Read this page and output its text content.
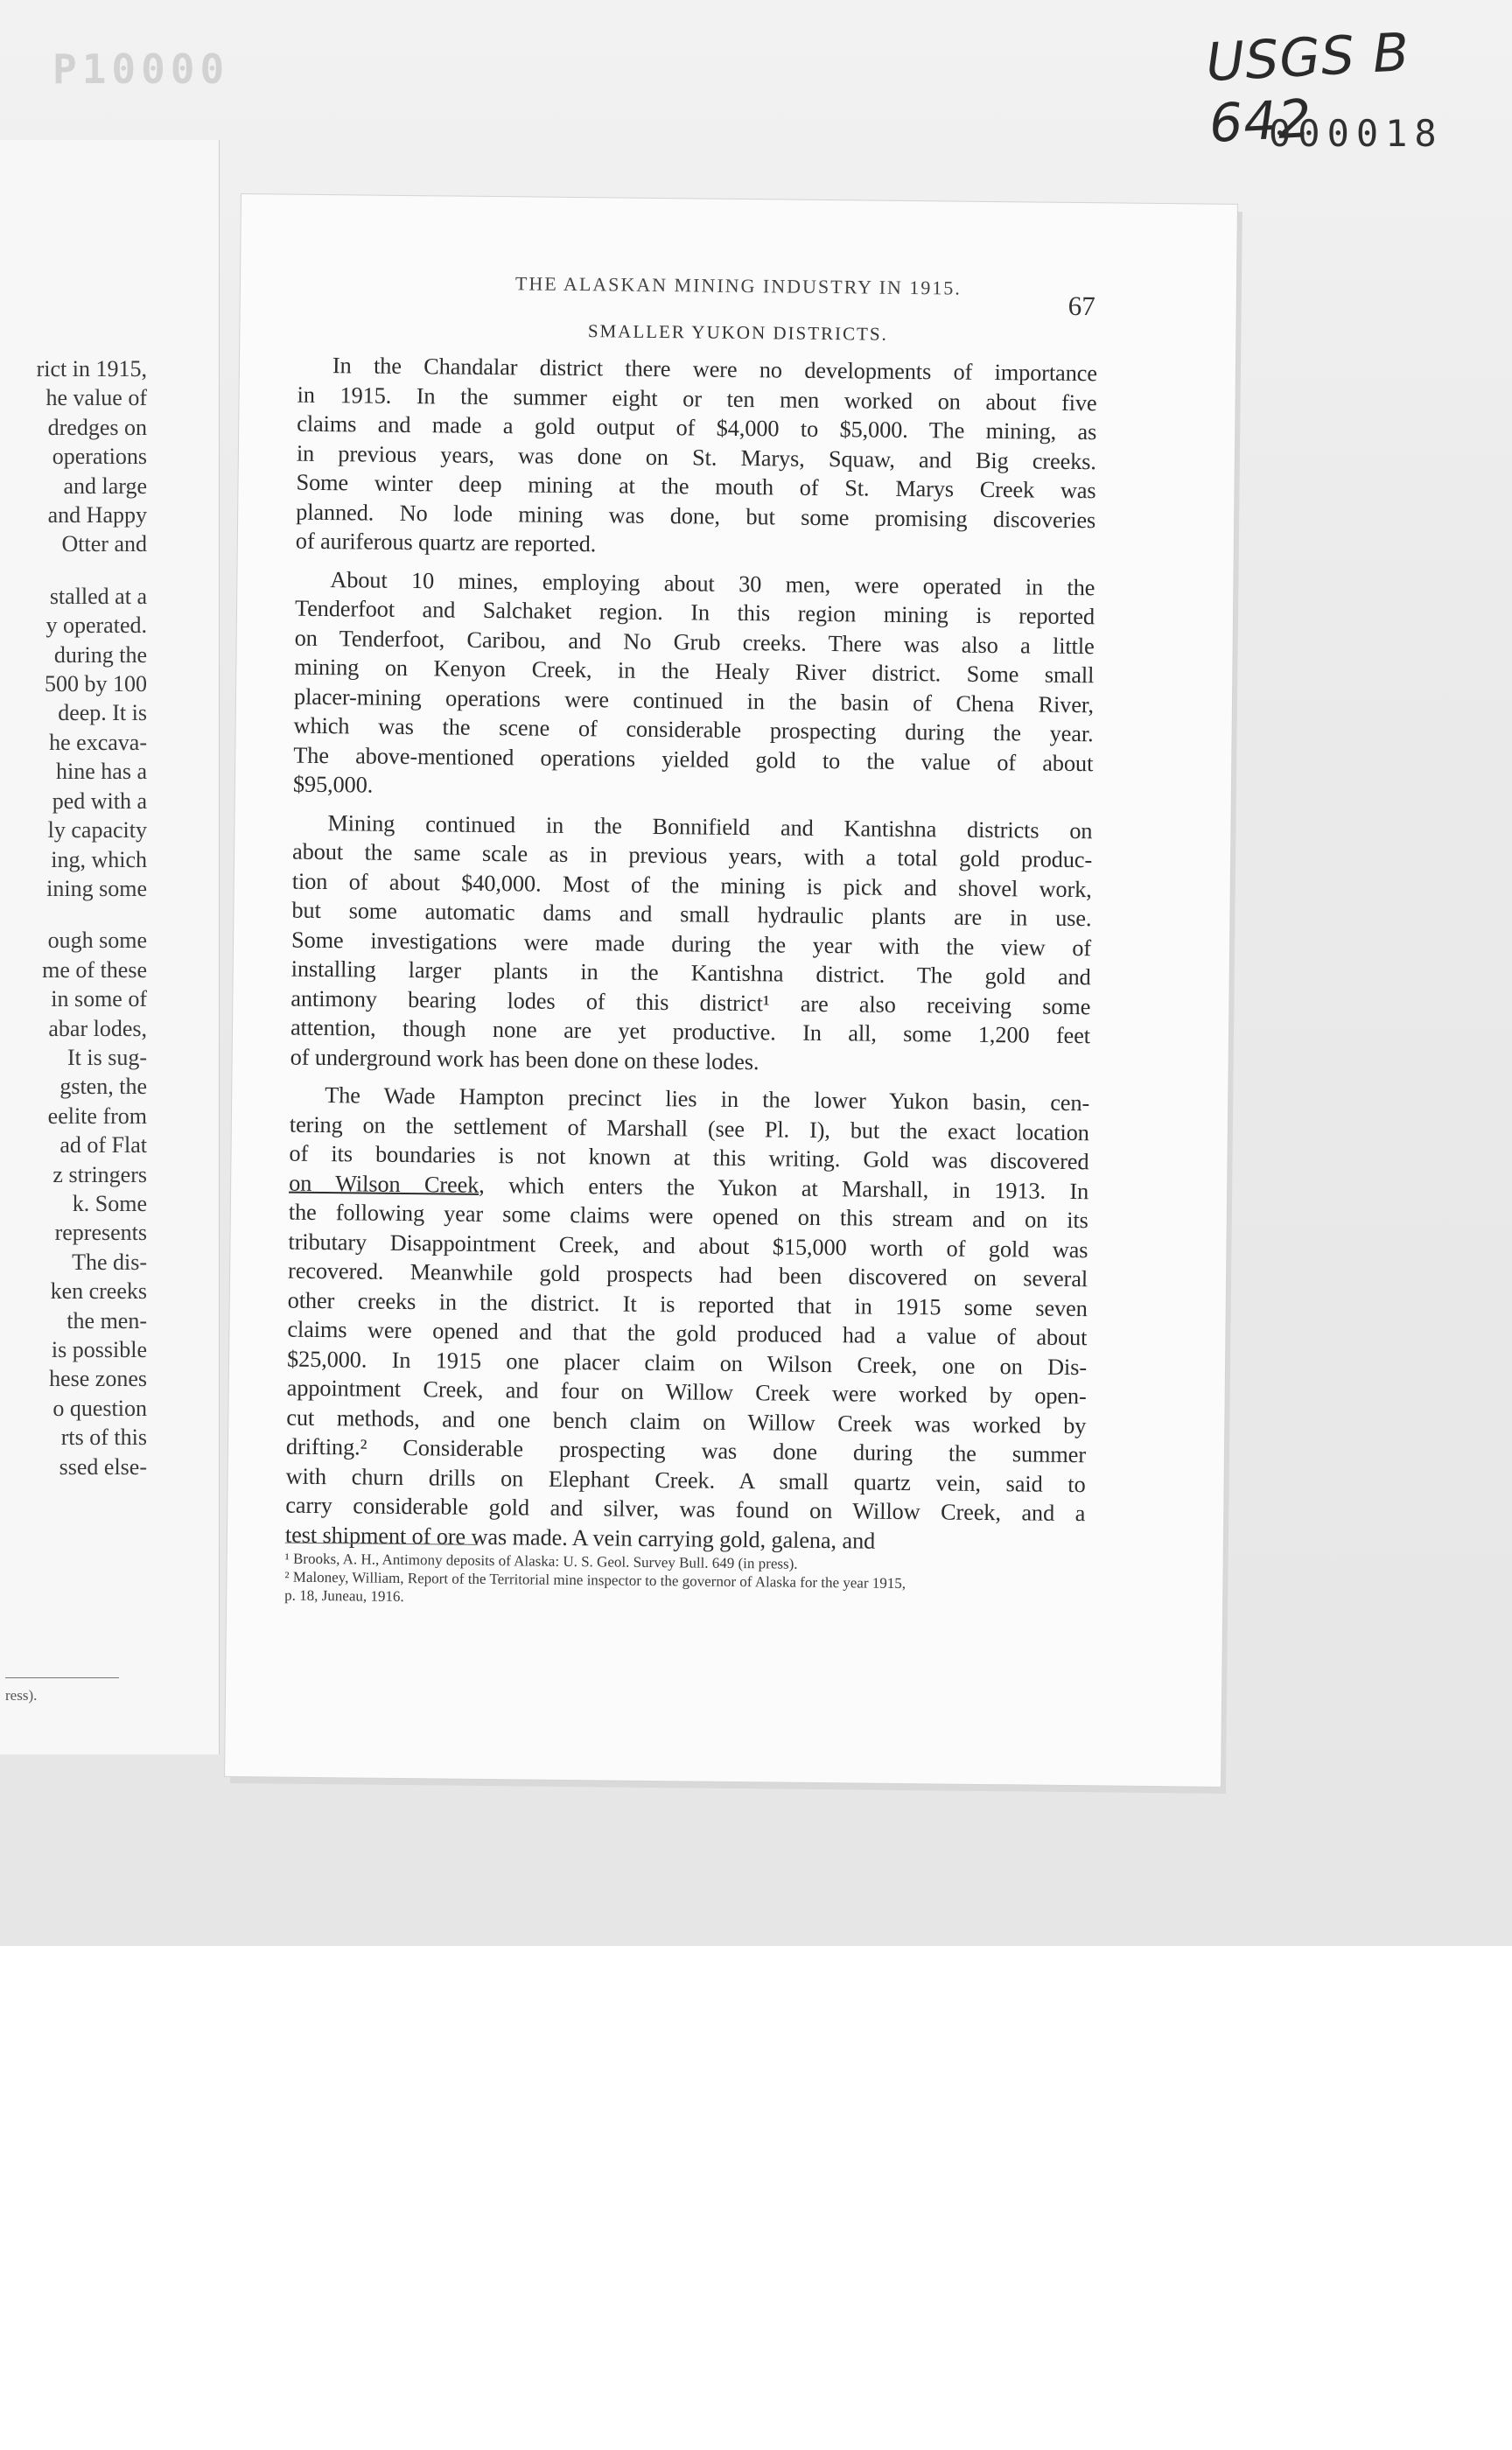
P10000	USGS B 642
000018
rict in 1915,
he value of
dredges on
operations
and large
and Happy
Otter and
stalled at a
y operated.
during the
500 by 100
deep. It is
he excava-
hine has a
ped with a
ly capacity
ing, which
ining some
ough some
me of these
in some of
abar lodes,
It is sug-
gsten, the
eelite from
ad of Flat
z stringers
k. Some
represents
The dis-
ken creeks
the men-
is possible
hese zones
o question
rts of this
ssed else-
ress).
THE ALASKAN MINING INDUSTRY IN 1915.
67
SMALLER YUKON DISTRICTS.
In the Chandalar district there were no developments of importance
in 1915. In the summer eight or ten men worked on about five
claims and made a gold output of $4,000 to $5,000. The mining, as
in previous years, was done on St. Marys, Squaw, and Big creeks.
Some winter deep mining at the mouth of St. Marys Creek was
planned. No lode mining was done, but some promising discoveries
of auriferous quartz are reported.
About 10 mines, employing about 30 men, were operated in the
Tenderfoot and Salchaket region. In this region mining is reported
on Tenderfoot, Caribou, and No Grub creeks. There was also a little
mining on Kenyon Creek, in the Healy River district. Some small
placer-mining operations were continued in the basin of Chena River,
which was the scene of considerable prospecting during the year.
The above-mentioned operations yielded gold to the value of about
$95,000.
Mining continued in the Bonnifield and Kantishna districts on
about the same scale as in previous years, with a total gold produc-
tion of about $40,000. Most of the mining is pick and shovel work,
but some automatic dams and small hydraulic plants are in use.
Some investigations were made during the year with the view of
installing larger plants in the Kantishna district. The gold and
antimony bearing lodes of this district¹ are also receiving some
attention, though none are yet productive. In all, some 1,200 feet
of underground work has been done on these lodes.
The Wade Hampton precinct lies in the lower Yukon basin, cen-
tering on the settlement of Marshall (see Pl. I), but the exact location
of its boundaries is not known at this writing. Gold was discovered
on Wilson Creek, which enters the Yukon at Marshall, in 1913. In
the following year some claims were opened on this stream and on its
tributary Disappointment Creek, and about $15,000 worth of gold was
recovered. Meanwhile gold prospects had been discovered on several
other creeks in the district. It is reported that in 1915 some seven
claims were opened and that the gold produced had a value of about
$25,000. In 1915 one placer claim on Wilson Creek, one on Dis-
appointment Creek, and four on Willow Creek were worked by open-
cut methods, and one bench claim on Willow Creek was worked by
drifting.² Considerable prospecting was done during the summer
with churn drills on Elephant Creek. A small quartz vein, said to
carry considerable gold and silver, was found on Willow Creek, and a
test shipment of ore was made. A vein carrying gold, galena, and
¹ Brooks, A. H., Antimony deposits of Alaska: U. S. Geol. Survey Bull. 649 (in press).
² Maloney, William, Report of the Territorial mine inspector to the governor of Alaska for the year 1915,
p. 18, Juneau, 1916.
